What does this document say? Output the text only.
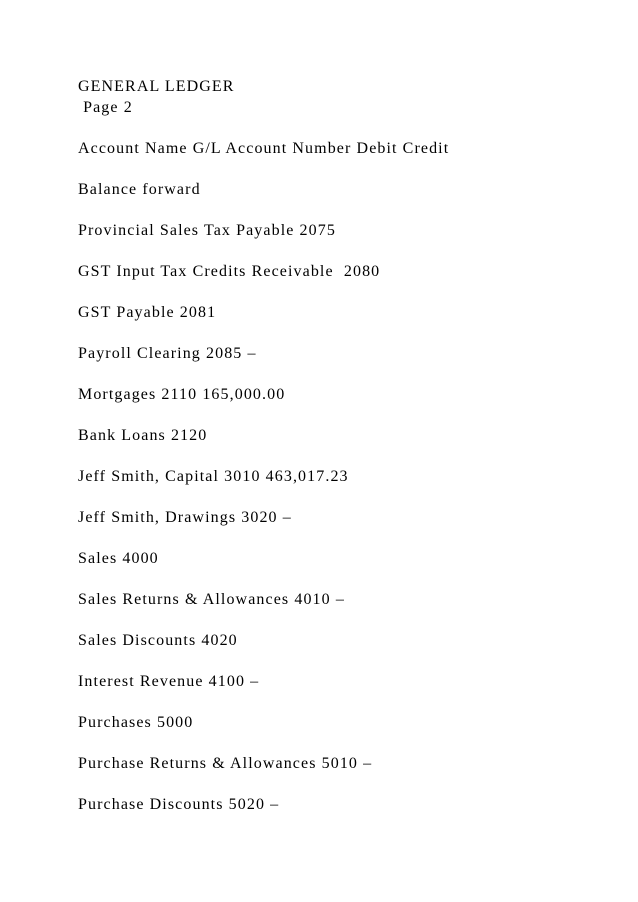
GENERAL LEDGER
Page 2
Account Name G/L Account Number Debit Credit
Balance forward
Provincial Sales Tax Payable 2075
GST Input Tax Credits Receivable  2080
GST Payable 2081
Payroll Clearing 2085 –
Mortgages 2110 165,000.00
Bank Loans 2120
Jeff Smith, Capital 3010 463,017.23
Jeff Smith, Drawings 3020 –
Sales 4000
Sales Returns & Allowances 4010 –
Sales Discounts 4020
Interest Revenue 4100 –
Purchases 5000
Purchase Returns & Allowances 5010 –
Purchase Discounts 5020 –
